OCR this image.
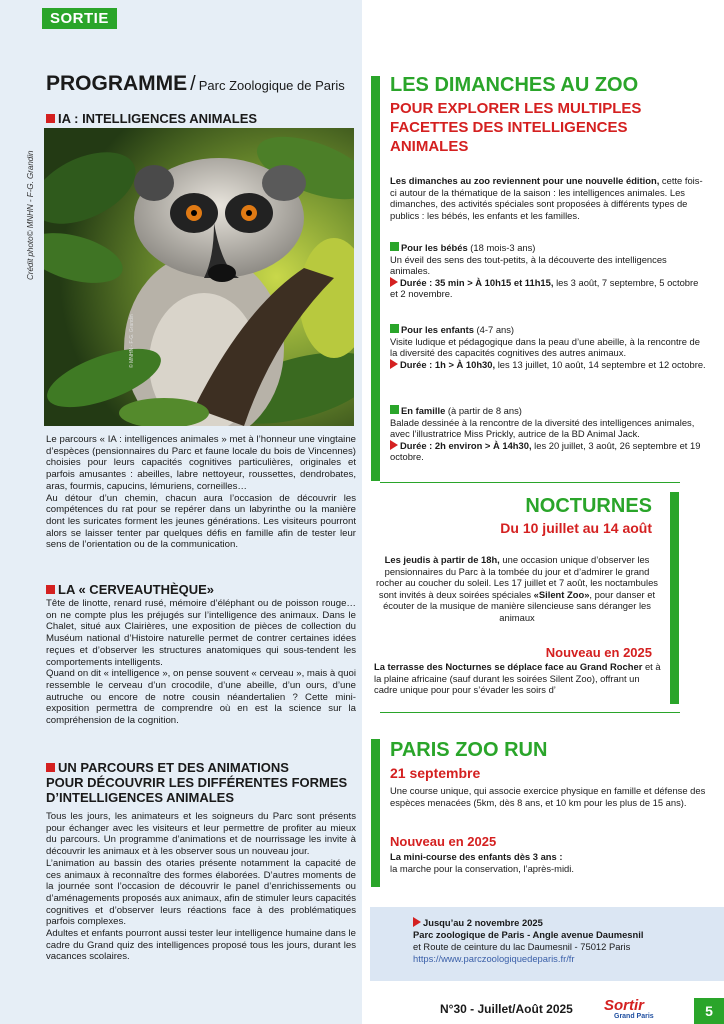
SORTIE
PROGRAMME / Parc Zoologique de Paris
IA : INTELLIGENCES ANIMALES
© MNHN - F-G. Grandin
Crédit photo© MNHN - F-G. Grandin

Le parcours « IA : intelligences animales » met à l’honneur une vingtaine d’espèces (pensionnaires du Parc et faune locale du bois de Vincennes) choisies pour leurs capacités cognitives particulières, originales et parfois amusantes : abeilles, labre nettoyeur, roussettes, dendrobates, aras, fourmis, capucins, lémuriens, corneilles…

Au détour d’un chemin, chacun aura l’occasion de découvrir les compétences du rat pour se repérer dans un labyrinthe ou la manière dont les suricates forment les jeunes générations. Les visiteurs pourront alors se laisser tenter par quelques défis en famille afin de tester leur sens de l’orientation ou de la communication.

LA « CERVEAUTHÈQUE»

Tête de linotte, renard rusé, mémoire d’éléphant ou de poisson rouge… on ne compte plus les préjugés sur l’intelligence des animaux. Dans le Chalet, situé aux Clairières, une exposition de pièces de collection du Muséum national d’Histoire naturelle permet de contrer certaines idées reçues et d’observer les structures anatomiques qui sous-tendent les comportements intelligents.

Quand on dit « intelligence », on pense souvent « cerveau », mais à quoi ressemble le cerveau d’un crocodile, d’une abeille, d’un ours, d’une autruche ou encore de notre cousin néandertalien ? Cette mini-exposition permettra de comprendre où en est la science sur la compréhension de la cognition.

UN PARCOURS ET DES ANIMATIONS
POUR DÉCOUVRIR LES DIFFÉRENTES FORMES
D’INTELLIGENCES ANIMALES

Tous les jours, les animateurs et les soigneurs du Parc sont présents pour échanger avec les visiteurs et leur permettre de profiter au mieux du parcours. Un programme d’animations et de nourrissage les invite à découvrir les animaux et à les observer sous un nouveau jour.

L’animation au bassin des otaries présente notamment la capacité de ces animaux à reconnaître des formes élaborées. D’autres moments de la journée sont l’occasion de découvrir le panel d’enrichissements ou d’aménagements proposés aux animaux, afin de stimuler leurs capacités cognitives et d’observer leurs réactions face à des problématiques parfois complexes.

Adultes et enfants pourront aussi tester leur intelligence humaine dans le cadre du Grand quiz des intelligences proposé tous les jours, durant les vacances scolaires.

LES DIMANCHES AU ZOO
POUR EXPLORER LES MULTIPLES
FACETTES DES INTELLIGENCES
ANIMALES

Les dimanches au zoo reviennent pour une nouvelle édition, cette fois-ci autour de la thématique de la saison : les intelligences animales. Les dimanches, des activités spéciales sont proposées à différents types de publics : les bébés, les enfants et les familles.

Pour les bébés (18 mois-3 ans)

Un éveil des sens des tout-petits, à la découverte des intelligences animales.

Durée : 35 min > À 10h15 et 11h15, les 3 août, 7 septembre, 5 octobre et 2 novembre.

Pour les enfants (4-7 ans)

Visite ludique et pédagogique dans la peau d’une abeille, à la rencontre de la diversité des capacités cognitives des autres animaux.

Durée : 1h > À 10h30, les 13 juillet, 10 août, 14 septembre et 12 octobre.

En famille (à partir de 8 ans)

Balade dessinée à la rencontre de la diversité des intelligences animales, avec l’illustratrice Miss Prickly, autrice de la BD Animal Jack.

Durée : 2h environ > À 14h30, les 20 juillet, 3 août, 26 septembre et 19 octobre.

NOCTURNES
Du 10 juillet au 14 août

Les jeudis à partir de 18h, une occasion unique d’observer les pensionnaires du Parc à la tombée du jour et d’admirer le grand rocher au coucher du soleil. Les 17 juillet et 7 août, les noctambules sont invités à deux soirées spéciales «Silent Zoo», pour danser et écouter de la musique de manière silencieuse sans déranger les animaux

Nouveau en 2025

La terrasse des Nocturnes se déplace face au Grand Rocher et à la plaine africaine (sauf durant les soirées Silent Zoo), offrant un cadre unique pour pour s’évader les soirs d’

PARIS ZOO RUN
21 septembre

Une course unique, qui associe exercice physique en famille et défense des espèces menacées (5km, dès 8 ans, et 10 km pour les plus de 15 ans).

Nouveau en 2025

La mini-course des enfants dès 3 ans :

la marche pour la conservation, l’après-midi.

Jusqu’au 2 novembre 2025

Parc zoologique de Paris - Angle avenue Daumesnil

et Route de ceinture du lac Daumesnil - 75012 Paris

https://www.parczoologiquedeparis.fr/fr

N°30 - Juillet/Août 2025 Sortir
Grand Paris	5
